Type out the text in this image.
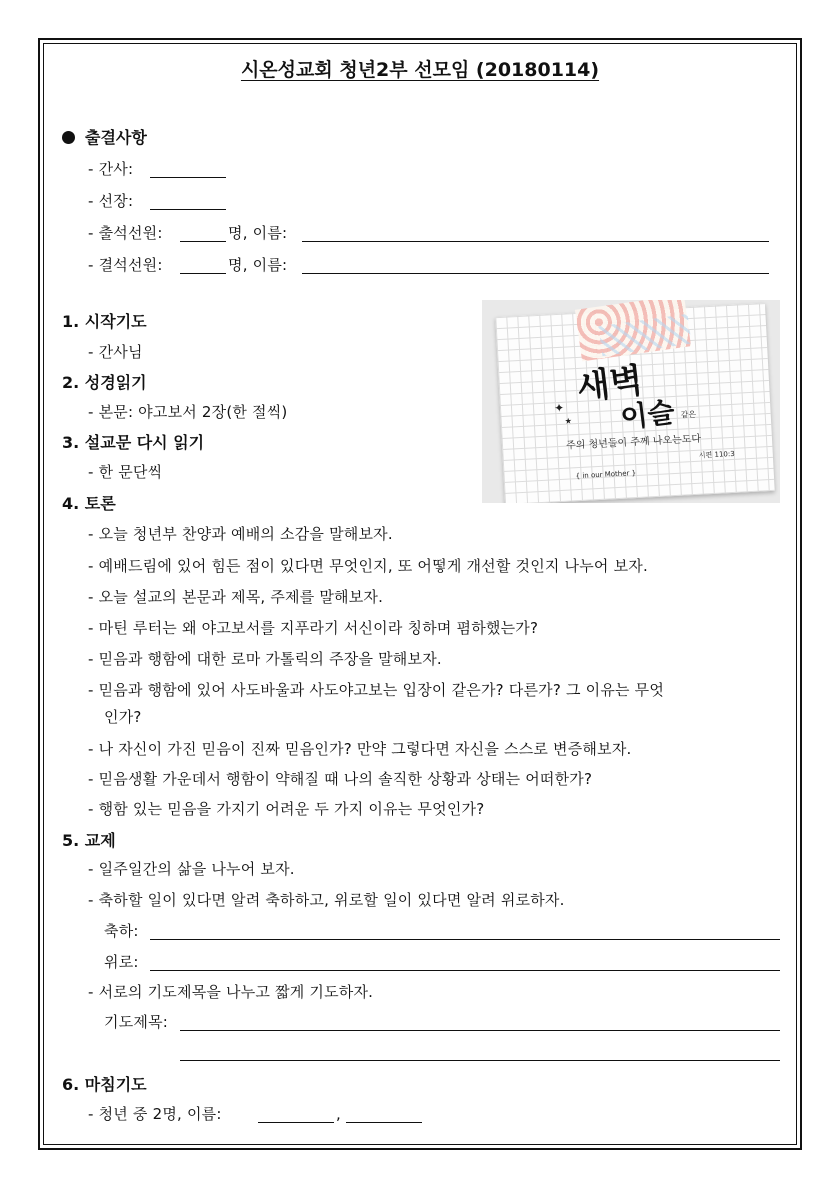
시온성교회 청년2부 선모임 (20180114)
출결사항
- 간사:
- 선장:
- 출석선원:	명, 이름:
- 결석선원:	명, 이름:
1. 시작기도
- 간사님
2. 성경읽기
- 본문: 야고보서 2장(한 절씩)
3. 설교문 다시 읽기
- 한 문단씩
4. 토론
- 오늘 청년부 찬양과 예배의 소감을 말해보자.
- 예배드림에 있어 힘든 점이 있다면 무엇인지, 또 어떻게 개선할 것인지 나누어 보자.
- 오늘 설교의 본문과 제목, 주제를 말해보자.
- 마틴 루터는 왜 야고보서를 지푸라기 서신이라 칭하며 폄하했는가?
- 믿음과 행함에 대한 로마 가톨릭의 주장을 말해보자.
- 믿음과 행함에 있어 사도바울과 사도야고보는 입장이 같은가? 다른가? 그 이유는 무엇
인가?
- 나 자신이 가진 믿음이 진짜 믿음인가? 만약 그렇다면 자신을 스스로 변증해보자.
- 믿음생활 가운데서 행함이 약해질 때 나의 솔직한 상황과 상태는 어떠한가?
- 행함 있는 믿음을 가지기 어려운 두 가지 이유는 무엇인가?
5. 교제
- 일주일간의 삶을 나누어 보자.
- 축하할 일이 있다면 알려 축하하고, 위로할 일이 있다면 알려 위로하자.
축하:
위로:
- 서로의 기도제목을 나누고 짧게 기도하자.
기도제목:
6. 마침기도
- 청년 중 2명, 이름:	,
새벽
이슬 같은
주의 청년들이 주께 나오는도다
시편 110:3
{ in our Mother }
✦
★
